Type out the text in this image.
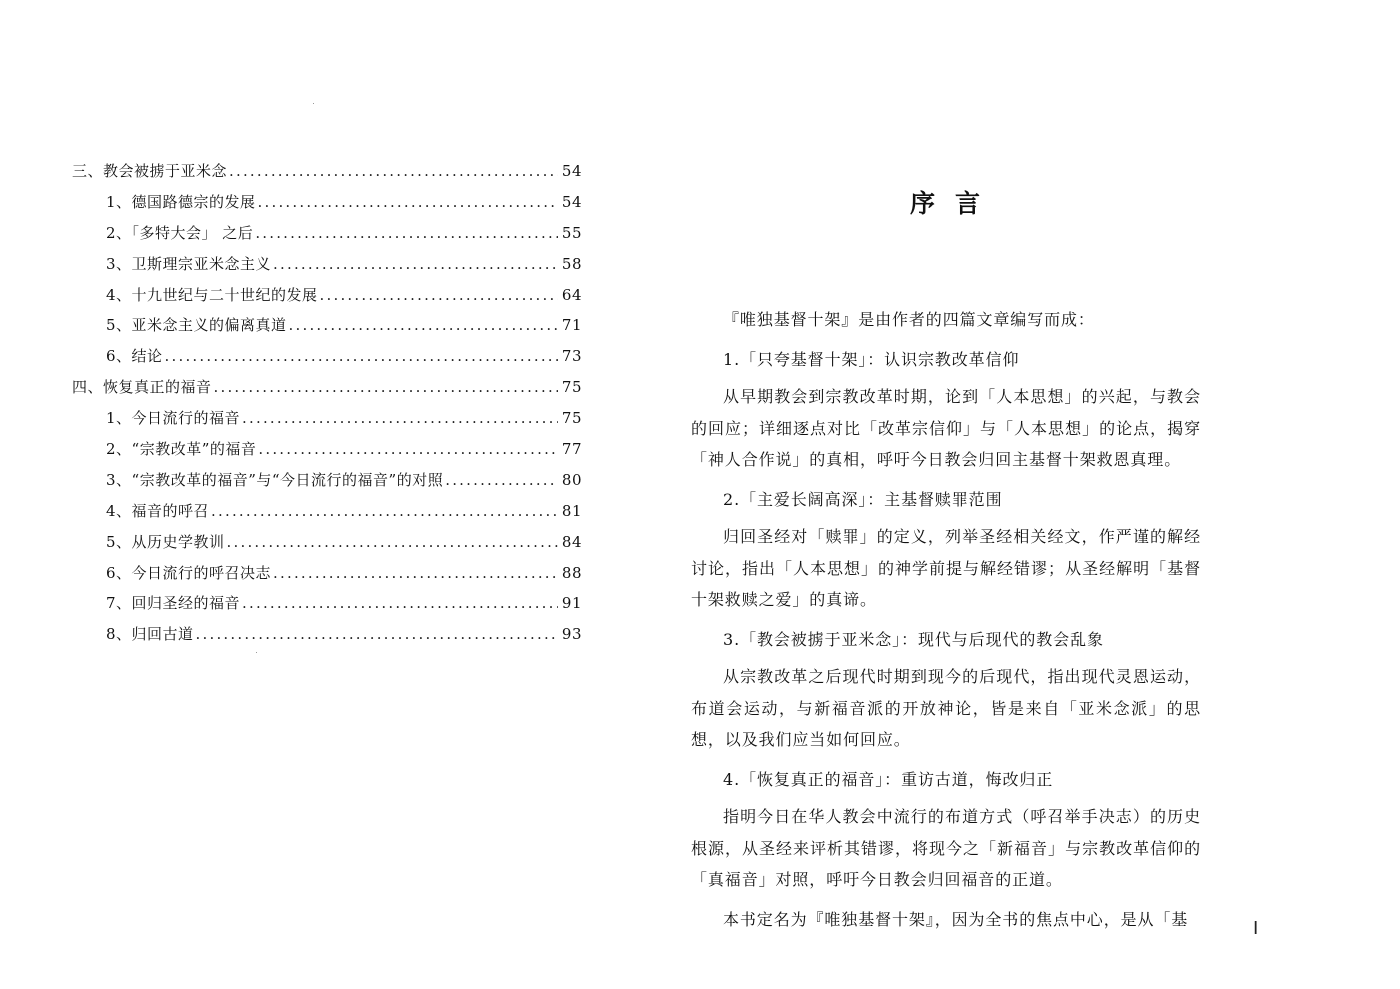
三、教会被掳于亚米念 .....	54
1、德国路德宗的发展 .....	54
2、「多特大会」 之后 .....	55
3、卫斯理宗亚米念主义 .....	58
4、十九世纪与二十世纪的发展 .....	64
5、亚米念主义的偏离真道 .....	71
6、结论 .....	73
四、恢复真正的福音 .....	75
1、今日流行的福音 .....	75
2、“宗教改革”的福音 .....	77
3、“宗教改革的福音”与“今日流行的福音”的对照 .....	80
4、福音的呼召 .....	81
5、从历史学教训 .....	84
6、今日流行的呼召决志 .....	88
7、回归圣经的福音 .....	91
8、归回古道 .....	93
序言

『唯独基督十架』是由作者的四篇文章编写而成：

1.「只夸基督十架」：认识宗教改革信仰

从早期教会到宗教改革时期，论到「人本思想」的兴起，与教会的回应；详细逐点对比「改革宗信仰」与「人本思想」的论点，揭穿「神人合作说」的真相，呼吁今日教会归回主基督十架救恩真理。

2.「主爱长阔高深」：主基督赎罪范围

归回圣经对「赎罪」的定义，列举圣经相关经文，作严谨的解经讨论，指出「人本思想」的神学前提与解经错谬；从圣经解明「基督十架救赎之爱」的真谛。

3.「教会被掳于亚米念」：现代与后现代的教会乱象

从宗教改革之后现代时期到现今的后现代，指出现代灵恩运动，布道会运动，与新福音派的开放神论，皆是来自「亚米念派」的思想，以及我们应当如何回应。

4.「恢复真正的福音」：重访古道，悔改归正

指明今日在华人教会中流行的布道方式（呼召举手决志）的历史根源，从圣经来评析其错谬，将现今之「新福音」与宗教改革信仰的「真福音」对照，呼吁今日教会归回福音的正道。

本书定名为『唯独基督十架』，因为全书的焦点中心，是从「基	I
